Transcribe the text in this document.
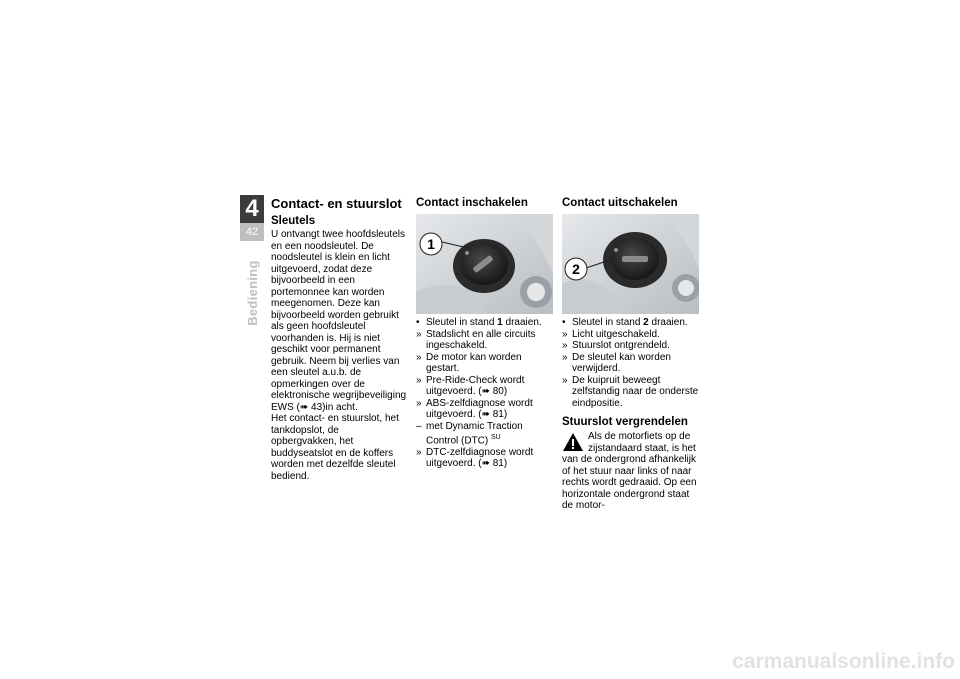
4
42
Bediening
Contact- en stuurslot
Sleutels

U ontvangt twee hoofdsleutels en een noodsleutel. De noodsleutel is klein en licht uitgevoerd, zodat deze bijvoorbeeld in een portemonnee kan worden meegenomen. Deze kan bijvoorbeeld worden gebruikt als geen hoofdsleutel voorhanden is. Hij is niet geschikt voor permanent gebruik. Neem bij verlies van een sleutel a.u.b. de opmerkingen over de elektronische wegrijbeveiliging EWS (➠ 43)in acht.

Het contact- en stuurslot, het tankdopslot, de opbergvakken, het buddyseatslot en de koffers worden met dezelfde sleutel bediend.

Contact inschakelen
1
• Sleutel in stand 1 draaien.
» Stadslicht en alle circuits ingeschakeld.
» De motor kan worden gestart.
» Pre-Ride-Check wordt uitgevoerd. (➠ 80)
» ABS-zelfdiagnose wordt uitgevoerd. (➠ 81)
– met Dynamic Traction Control (DTC) $^{SU}$
» DTC-zelfdiagnose wordt uitgevoerd. (➠ 81)
Contact uitschakelen
2
• Sleutel in stand 2 draaien.
» Licht uitgeschakeld.
» Stuurslot ontgrendeld.
» De sleutel kan worden verwijderd.
» De kuipruit beweegt zelfstandig naar de onderste eindpositie.
Stuurslot vergrendelen
Als de motorfiets op de zijstandaard staat, is het van de ondergrond afhankelijk of het stuur naar links of naar rechts wordt gedraaid. Op een horizontale ondergrond staat de motor-
carmanualsonline.info
